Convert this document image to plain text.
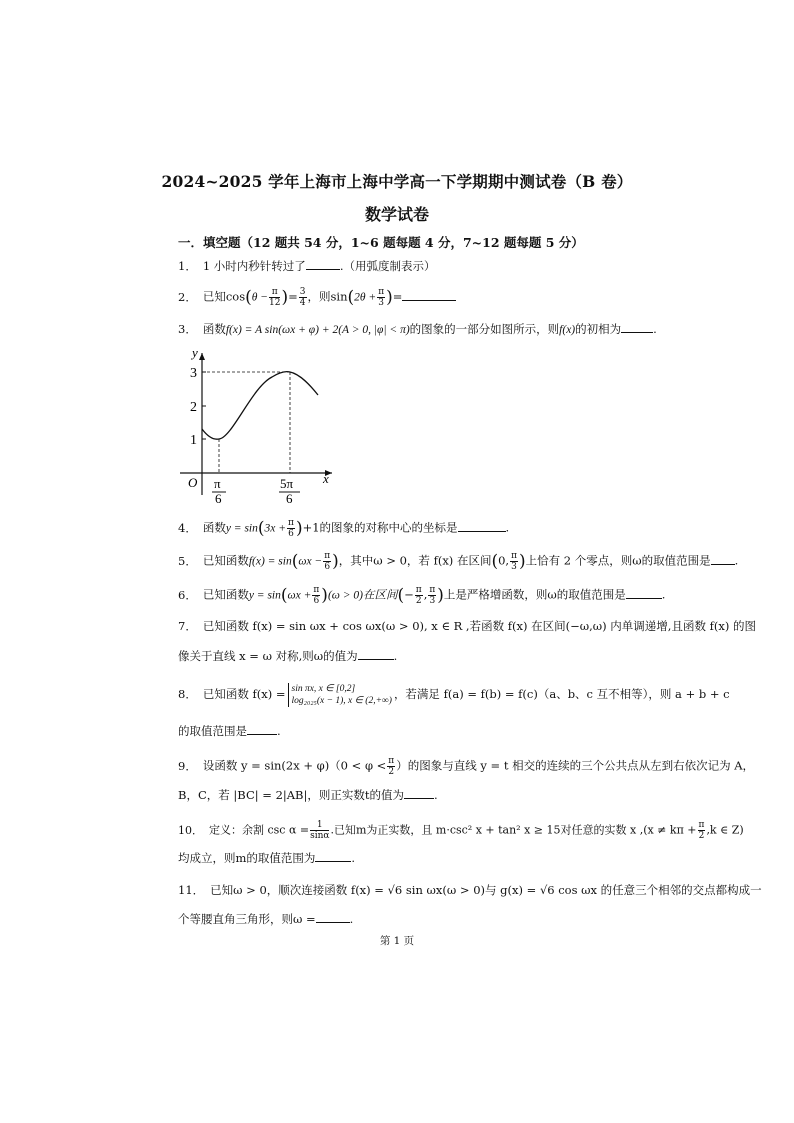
2024~2025 学年上海市上海中学高一下学期期中测试卷（B 卷）
数学试卷
一．填空题（12 题共 54 分，1~6 题每题 4 分，7~12 题每题 5 分）
1． 1 小时内秒针转过了	.（用弧度制表示）
2． 已知$\cos(\theta - \frac{\pi}{12}$ )= $\frac{3}{4}$ ，则$\sin(2\theta + \frac{\pi}{3}$ )=
3． 函数f(x) = A sin(ωx + φ) + 2(A > 0, |φ| < π)的图象的一部分如图所示，则f(x)的初相为	.
y
x
O
3
2
1
π
6
5π
6
4． 函数$y = \sin(3x + \frac{\pi}{6} )+1$的图象的对称中心的坐标是	.
5． 已知函数$f(x) = \sin(\omega x - \frac{\pi}{6}$ )，其中ω > 0，若 f(x) 在区间(0, $\frac{\pi}{3}$ )上恰有 2 个零点，则ω的取值范围是 .
6． 已知函数$y = \sin(\omega x + \frac{\pi}{6} )(\omega > 0)$在区间(− $\frac{\pi}{2}$ , $\frac{\pi}{3}$ )上是严格增函数，则ω的取值范围是	.
7． 已知函数 f(x) = sin ωx + cos ωx(ω > 0), x ∈ R ,若函数 f(x) 在区间(−ω,ω) 内单调递增,且函数 f(x) 的图
像关于直线 x = ω 对称,则ω的值为	.
8． 已知函数 f(x) = sin πx, x ∈ [0,2]
log₂₀₂₅(x − 1), x ∈ (2,+∞) ，若满足 f(a) = f(b) = f(c)（a、b、c 互不相等），则 a + b + c
的取值范围是	.
9． 设函数 $y = \sin(2x + \varphi)(0 < \varphi < \frac{\pi}{2}$ ）的图象与直线 y = t 相交的连续的三个公共点从左到右依次记为 A，
B，C，若 |BC| = 2|AB|，则正实数t的值为	.
10． 定义：余割 $\csc \alpha = \frac{1}{\sin\alpha}$ .已知m为正实数，且 m·csc² x + tan² x ≥ 15对任意的实数 x $,(x \ne k\pi + \frac{\pi}{2} ,k$ ∈ Z)
均成立，则m的取值范围为	.
11． 已知ω > 0，顺次连接函数 f(x) = √6 sin ωx(ω > 0)与 g(x) = √6 cos ωx 的任意三个相邻的交点都构成一
个等腰直角三角形，则ω =	.
第 1 页
